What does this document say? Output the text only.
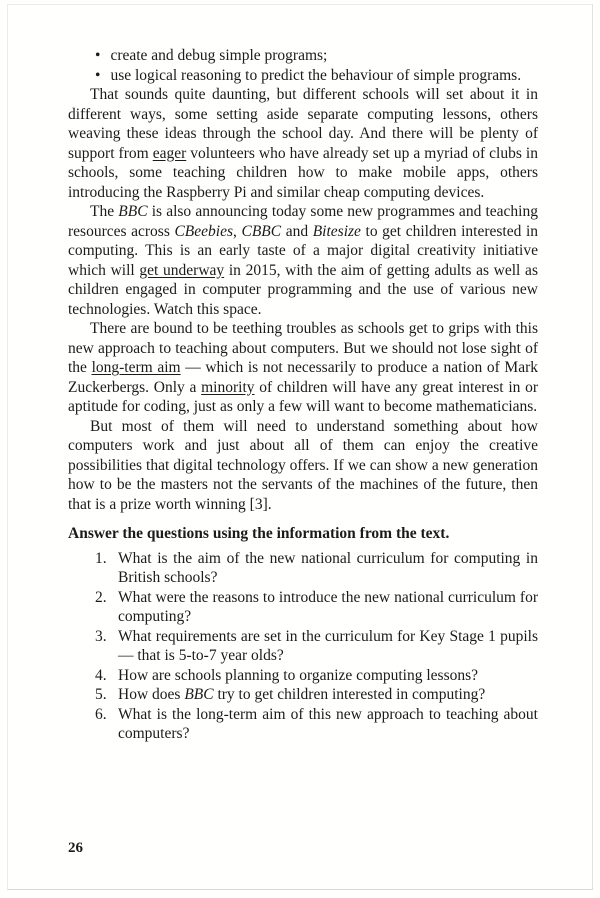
• create and debug simple programs;
• use logical reasoning to predict the behaviour of simple programs.
That sounds quite daunting, but different schools will set about it in different ways, some setting aside separate computing lessons, others weaving these ideas through the school day. And there will be plenty of support from eager volunteers who have already set up a myriad of clubs in schools, some teaching children how to make mobile apps, others introducing the Raspberry Pi and similar cheap computing devices.
The BBC is also announcing today some new programmes and teaching resources across CBeebies, CBBC and Bitesize to get children interested in computing. This is an early taste of a major digital creativity initiative which will get underway in 2015, with the aim of getting adults as well as children engaged in computer programming and the use of various new technologies. Watch this space.
There are bound to be teething troubles as schools get to grips with this new approach to teaching about computers. But we should not lose sight of the long-term aim — which is not necessarily to produce a nation of Mark Zuckerbergs. Only a minority of children will have any great interest in or aptitude for coding, just as only a few will want to become mathematicians.
But most of them will need to understand something about how computers work and just about all of them can enjoy the creative possibilities that digital technology offers. If we can show a new generation how to be the masters not the servants of the machines of the future, then that is a prize worth winning [3].
Answer the questions using the information from the text.
1. What is the aim of the new national curriculum for computing in British schools?
2. What were the reasons to introduce the new national curriculum for computing?
3. What requirements are set in the curriculum for Key Stage 1 pupils — that is 5-to-7 year olds?
4. How are schools planning to organize computing lessons?
5. How does BBC try to get children interested in computing?
6. What is the long-term aim of this new approach to teaching about computers?
26
